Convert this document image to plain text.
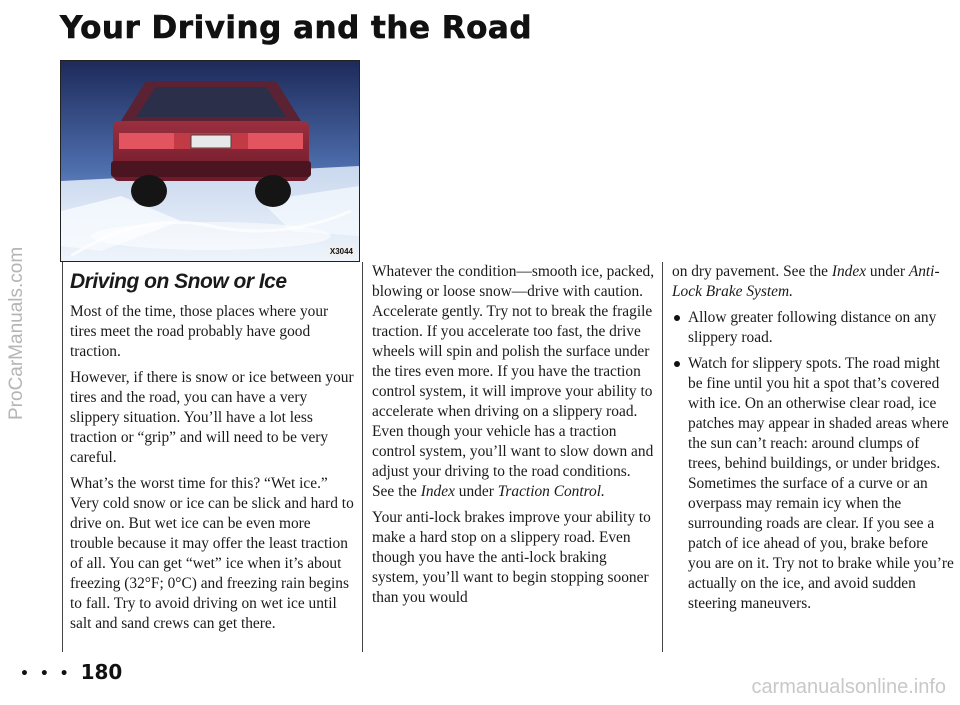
Your Driving and the Road
ProCarManuals.com	X3044
Driving on Snow or Ice

Most of the time, those places where your tires meet the road probably have good traction.

However, if there is snow or ice between your tires and the road, you can have a very slippery situation. You’ll have a lot less traction or “grip” and will need to be very careful.

What’s the worst time for this? “Wet ice.” Very cold snow or ice can be slick and hard to drive on. But wet ice can be even more trouble because it may offer the least traction of all. You can get “wet” ice when it’s about freezing (32°F; 0°C) and freezing rain begins to fall. Try to avoid driving on wet ice until salt and sand crews can get there.

Whatever the condition—smooth ice, packed, blowing or loose snow—drive with caution. Accelerate gently. Try not to break the fragile traction. If you accelerate too fast, the drive wheels will spin and polish the surface under the tires even more. If you have the traction control system, it will improve your ability to accelerate when driving on a slippery road. Even though your vehicle has a traction control system, you’ll want to slow down and adjust your driving to the road conditions. See the Index under Traction Control.

Your anti-lock brakes improve your ability to make a hard stop on a slippery road. Even though you have the anti-lock braking system, you’ll want to begin stopping sooner than you would

on dry pavement. See the Index under Anti-Lock Brake System.

Allow greater following distance on any slippery road.
Watch for slippery spots. The road might be fine until you hit a spot that’s covered with ice. On an otherwise clear road, ice patches may appear in shaded areas where the sun can’t reach: around clumps of trees, behind buildings, or under bridges. Sometimes the surface of a curve or an overpass may remain icy when the surrounding roads are clear. If you see a patch of ice ahead of you, brake before you are on it. Try not to brake while you’re actually on the ice, and avoid sudden steering maneuvers.
• • • 180
carmanualsonline.info
